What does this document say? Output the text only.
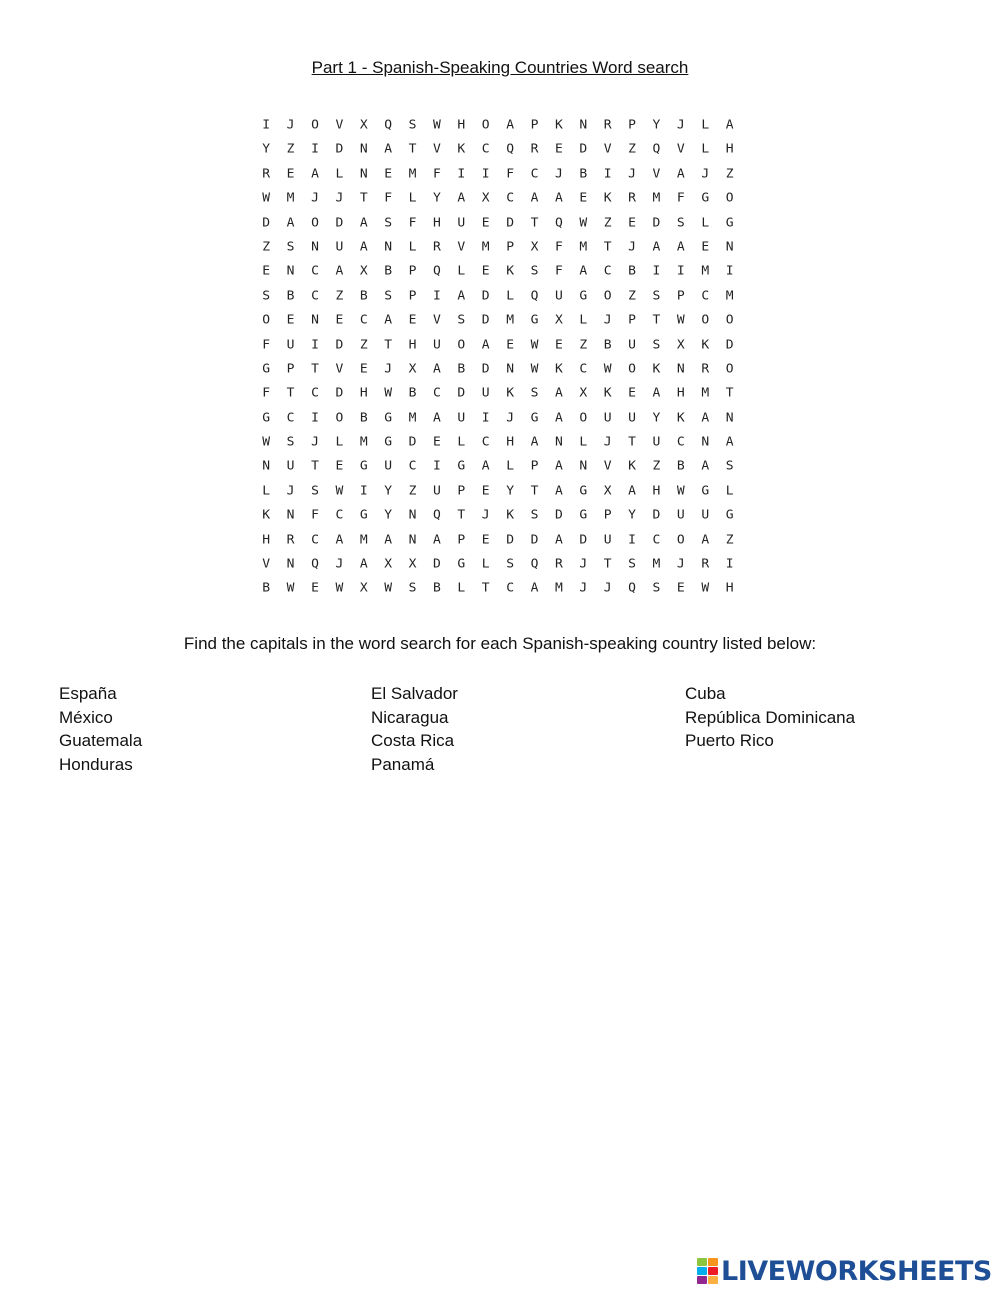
Part 1 - Spanish-Speaking Countries Word search
I	J	O	V	X	Q	S	W	H	O	A	P	K	N	R	P	Y	J	L	A
Y	Z	I	D	N	A	T	V	K	C	Q	R	E	D	V	Z	Q	V	L	H
R	E	A	L	N	E	M	F	I	I	F	C	J	B	I	J	V	A	J	Z
W	M	J	J	T	F	L	Y	A	X	C	A	A	E	K	R	M	F	G	O
D	A	O	D	A	S	F	H	U	E	D	T	Q	W	Z	E	D	S	L	G
Z	S	N	U	A	N	L	R	V	M	P	X	F	M	T	J	A	A	E	N
E	N	C	A	X	B	P	Q	L	E	K	S	F	A	C	B	I	I	M	I
S	B	C	Z	B	S	P	I	A	D	L	Q	U	G	O	Z	S	P	C	M
O	E	N	E	C	A	E	V	S	D	M	G	X	L	J	P	T	W	O	O
F	U	I	D	Z	T	H	U	O	A	E	W	E	Z	B	U	S	X	K	D
G	P	T	V	E	J	X	A	B	D	N	W	K	C	W	O	K	N	R	O
F	T	C	D	H	W	B	C	D	U	K	S	A	X	K	E	A	H	M	T
G	C	I	O	B	G	M	A	U	I	J	G	A	O	U	U	Y	K	A	N
W	S	J	L	M	G	D	E	L	C	H	A	N	L	J	T	U	C	N	A
N	U	T	E	G	U	C	I	G	A	L	P	A	N	V	K	Z	B	A	S
L	J	S	W	I	Y	Z	U	P	E	Y	T	A	G	X	A	H	W	G	L
K	N	F	C	G	Y	N	Q	T	J	K	S	D	G	P	Y	D	U	U	G
H	R	C	A	M	A	N	A	P	E	D	D	A	D	U	I	C	O	A	Z
V	N	Q	J	A	X	X	D	G	L	S	Q	R	J	T	S	M	J	R	I
B	W	E	W	X	W	S	B	L	T	C	A	M	J	J	Q	S	E	W	H

Find the capitals in the word search for each Spanish-speaking country listed below:

España
México
Guatemala
Honduras
El Salvador
Nicaragua
Costa Rica
Panamá
Cuba
República Dominicana
Puerto Rico
LIVEWORKSHEETS
